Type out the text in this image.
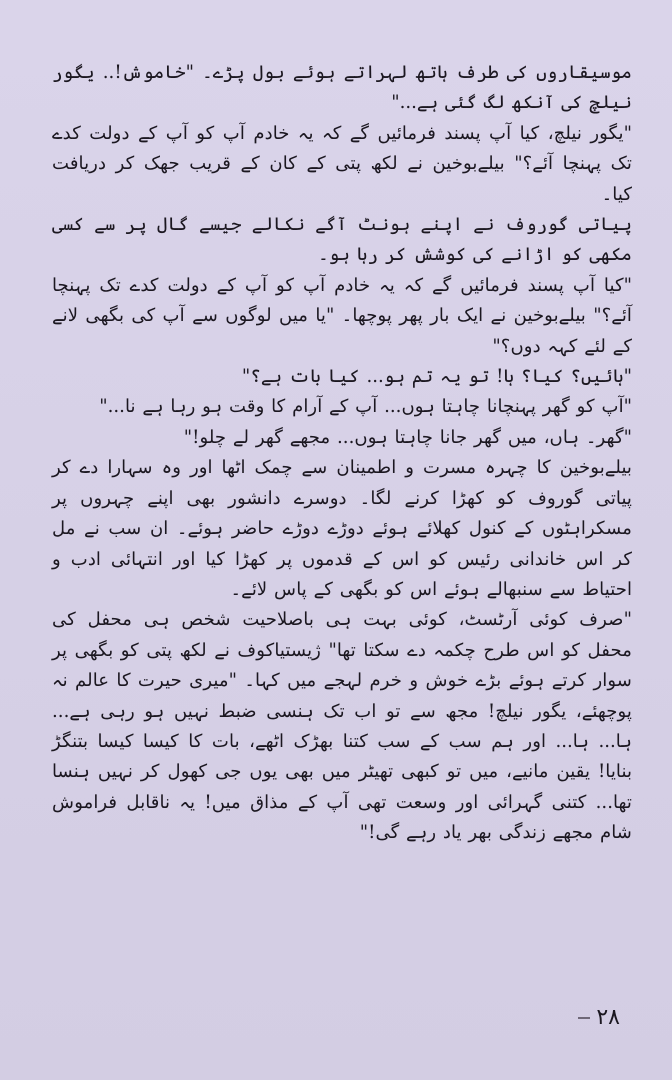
موسیقاروں کی طرف ہاتھ لہراتے ہوئے بول پڑے۔ "خاموش!.. یگور نیلچ کی آنکھ لگ گئی ہے..."

"یگور نیلچ، کیا آپ پسند فرمائیں گے کہ یہ خادم آپ کو آپ کے دولت کدے تک پہنچا آئے؟" بیلےبوخین نے لکھ پتی کے کان کے قریب جھک کر دریافت کیا۔

پیاتی گوروف نے اپنے ہونٹ آگے نکالے جیسے گال پر سے کسی مکھی کو اڑانے کی کوشش کر رہا ہو۔

"کیا آپ پسند فرمائیں گے کہ یہ خادم آپ کو آپ کے دولت کدے تک پہنچا آئے؟" بیلےبوخین نے ایک بار پھر پوچھا۔ "یا میں لوگوں سے آپ کی بگھی لانے کے لئے کہہ دوں؟"

"ہائیں؟ کیا؟ ہا! تو یہ تم ہو... کیا بات ہے؟"

"آپ کو گھر پہنچانا چاہتا ہوں... آپ کے آرام کا وقت ہو رہا ہے نا..."

"گھر۔ ہاں، میں گھر جانا چاہتا ہوں... مجھے گھر لے چلو!"

بیلےبوخین کا چہرہ مسرت و اطمینان سے چمک اٹھا اور وہ سہارا دے کر پیاتی گوروف کو کھڑا کرنے لگا۔ دوسرے دانشور بھی اپنے چہروں پر مسکراہٹوں کے کنول کھلائے ہوئے دوڑے دوڑے حاضر ہوئے۔ ان سب نے مل کر اس خاندانی رئیس کو اس کے قدموں پر کھڑا کیا اور انتہائی ادب و احتیاط سے سنبھالے ہوئے اس کو بگھی کے پاس لائے۔

"صرف کوئی آرٹسٹ، کوئی بہت ہی باصلاحیت شخص ہی محفل کی محفل کو اس طرح چکمہ دے سکتا تھا" ژیستیاکوف نے لکھ پتی کو بگھی پر سوار کرتے ہوئے بڑے خوش و خرم لہجے میں کہا۔ "میری حیرت کا عالم نہ پوچھئے، یگور نیلچ! مجھ سے تو اب تک ہنسی ضبط نہیں ہو رہی ہے... ہا... ہا... اور ہم سب کے سب کتنا بھڑک اٹھے، بات کا کیسا کیسا بتنگڑ بنایا! یقین مانیے، میں تو کبھی تھیٹر میں بھی یوں جی کھول کر نہیں ہنسا تھا... کتنی گہرائی اور وسعت تھی آپ کے مذاق میں! یہ ناقابل فراموش شام مجھے زندگی بھر یاد رہے گی!"

۲۸
